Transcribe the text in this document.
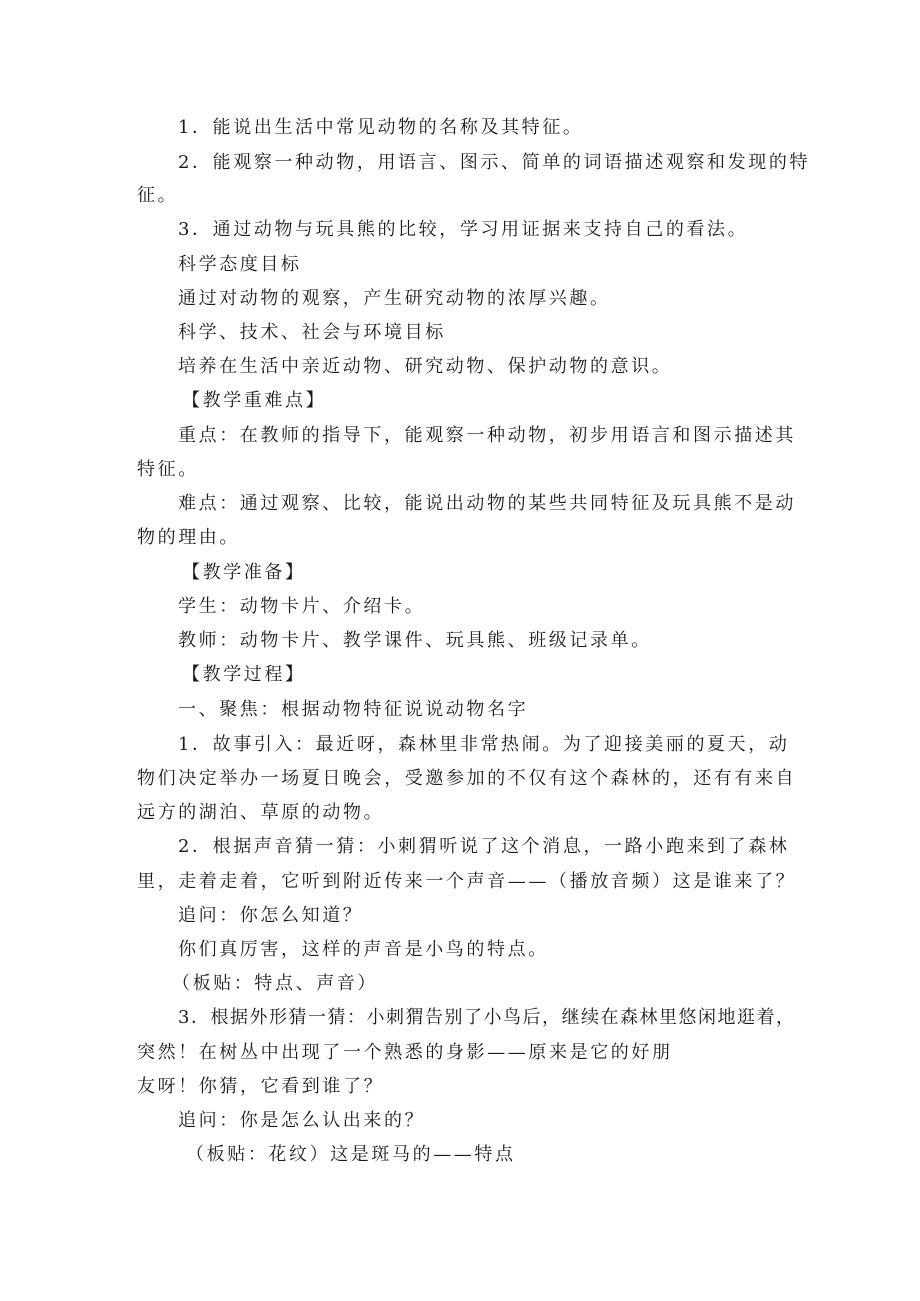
1．能说出生活中常见动物的名称及其特征。
2．能观察一种动物，用语言、图示、简单的词语描述观察和发现的特
征。
3．通过动物与玩具熊的比较，学习用证据来支持自己的看法。
科学态度目标
通过对动物的观察，产生研究动物的浓厚兴趣。
科学、技术、社会与环境目标
培养在生活中亲近动物、研究动物、保护动物的意识。
【教学重难点】
重点：在教师的指导下，能观察一种动物，初步用语言和图示描述其
特征。
难点：通过观察、比较，能说出动物的某些共同特征及玩具熊不是动
物的理由。
【教学准备】
学生：动物卡片、介绍卡。
教师：动物卡片、教学课件、玩具熊、班级记录单。
【教学过程】
一、聚焦：根据动物特征说说动物名字
1．故事引入：最近呀，森林里非常热闹。为了迎接美丽的夏天，动
物们决定举办一场夏日晚会，受邀参加的不仅有这个森林的，还有有来自
远方的湖泊、草原的动物。
2．根据声音猜一猜：小刺猬听说了这个消息，一路小跑来到了森林
里，走着走着，它听到附近传来一个声音——（播放音频）这是谁来了？
追问：你怎么知道？
你们真厉害，这样的声音是小鸟的特点。
（板贴：特点、声音）
3．根据外形猜一猜：小刺猬告别了小鸟后，继续在森林里悠闲地逛着，
突然！在树丛中出现了一个熟悉的身影——原来是它的好朋
友呀！你猜，它看到谁了？
追问：你是怎么认出来的？
（板贴：花纹）这是斑马的——特点
